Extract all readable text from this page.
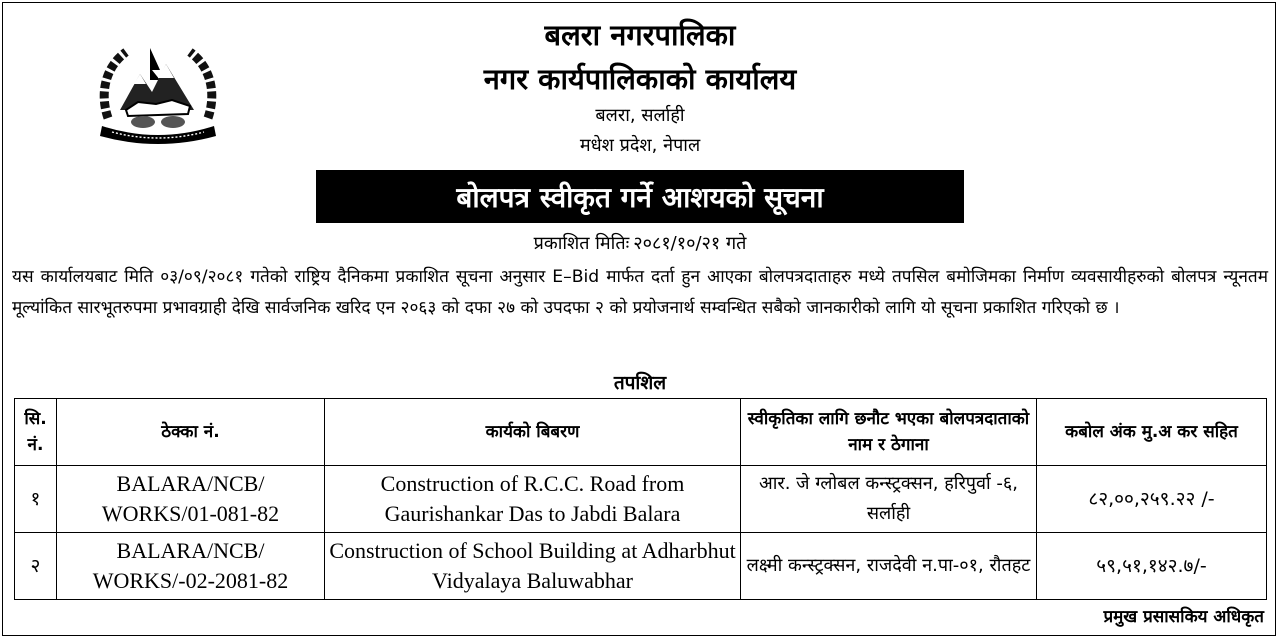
बलरा नगरपालिका
नगर कार्यपालिकाको कार्यालय
बलरा, सर्लाही
मधेश प्रदेश, नेपाल
बोलपत्र स्वीकृत गर्ने आशयको सूचना
प्रकाशित मितिः २०८१/१०/२१ गते
यस कार्यालयबाट मिति ०३/०९/२०८१ गतेको राष्ट्रिय दैनिकमा प्रकाशित सूचना अनुसार E–Bid मार्फत दर्ता हुन आएका बोलपत्रदाताहरु मध्ये तपसिल बमोजिमका निर्माण व्यवसायीहरुको बोलपत्र न्यूनतम मूल्यांकित सारभूतरुपमा प्रभावग्राही देखि सार्वजनिक खरिद एन २०६३ को दफा २७ को उपदफा २ को प्रयोजनार्थ सम्वन्धित सबैको जानकारीको लागि यो सूचना प्रकाशित गरिएको छ ।
तपशिल
सि. नं.	ठेक्का नं.	कार्यको बिबरण	स्वीकृतिका लागि छनौट भएका बोलपत्रदाताको नाम र ठेगाना	कबोल अंक मु.अ कर सहित
१	BALARA/NCB/ WORKS/01-081-82	Construction of R.C.C. Road from Gaurishankar Das to Jabdi Balara	आर. जे ग्लोबल कन्स्ट्रक्सन, हरिपुर्वा -६, सर्लाही	८२,००,२५९.२२ /-
२	BALARA/NCB/ WORKS/-02-2081-82	Construction of School Building at Adharbhut Vidyalaya Baluwabhar	लक्ष्मी कन्स्ट्रक्सन, राजदेवी न.पा-०१, रौतहट	५९,५१,१४२.७/-
प्रमुख प्रसासकिय अधिकृत
